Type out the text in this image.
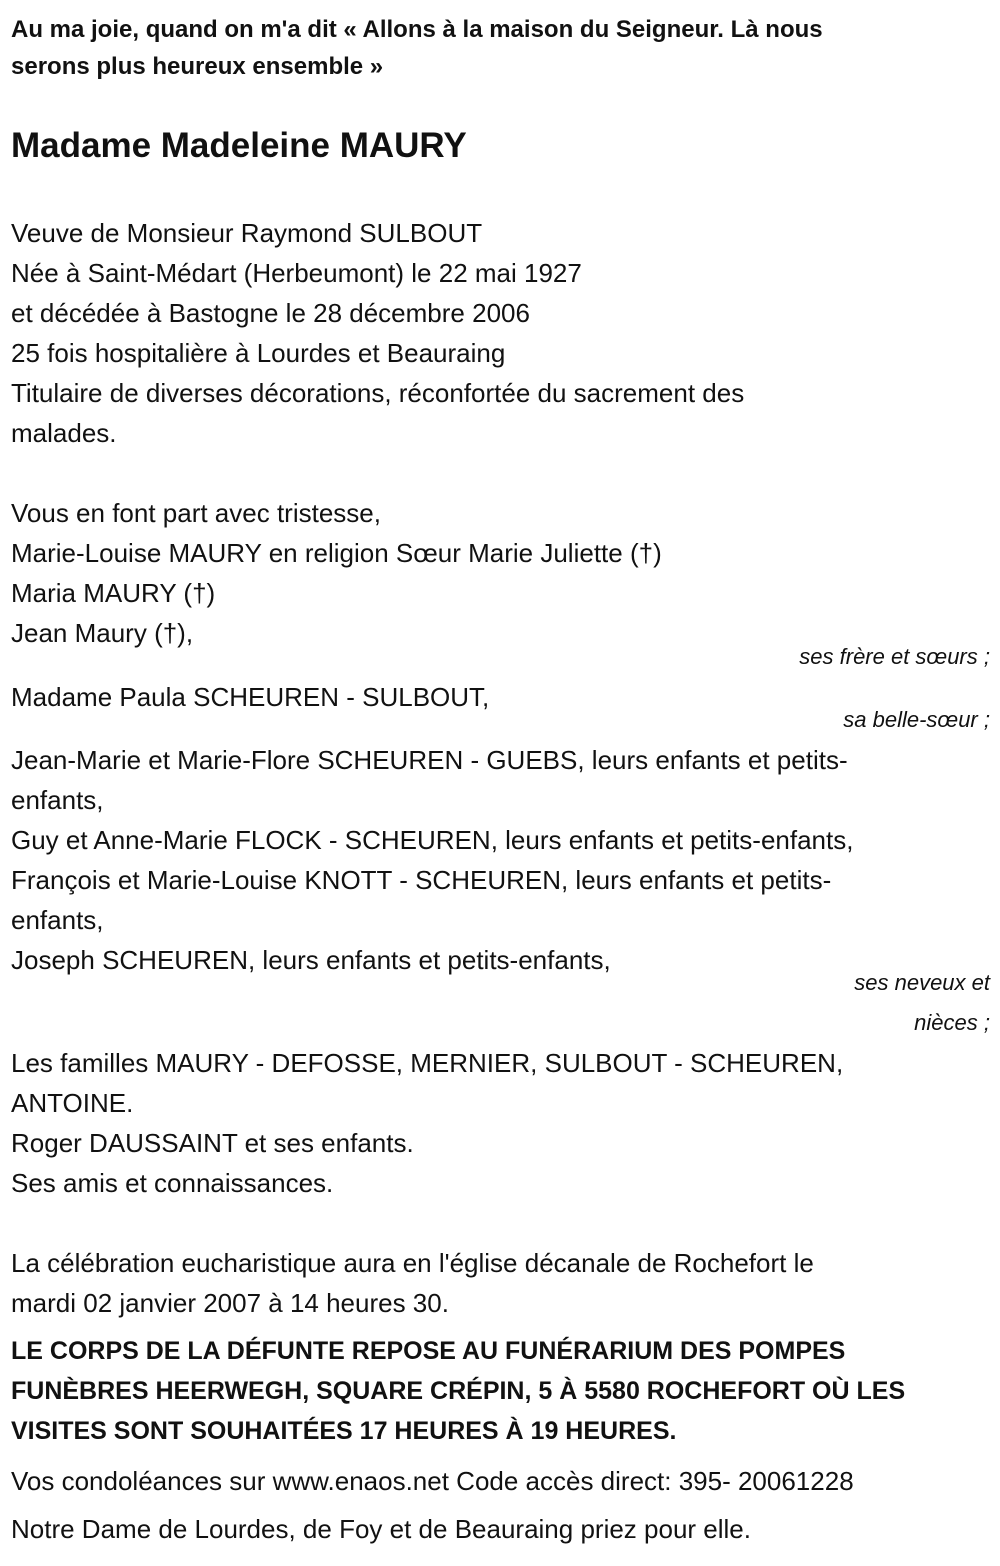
Au ma joie, quand on m'a dit « Allons à la maison du Seigneur. Là nous
serons plus heureux ensemble »
Madame Madeleine MAURY
Veuve de Monsieur Raymond SULBOUT
Née à Saint-Médart (Herbeumont) le 22 mai 1927
et décédée à Bastogne le 28 décembre 2006
25 fois hospitalière à Lourdes et Beauraing
Titulaire de diverses décorations, réconfortée du sacrement des
malades.
Vous en font part avec tristesse,
Marie-Louise MAURY en religion Sœur Marie Juliette (†)
Maria MAURY (†)
Jean Maury (†),
ses frère et sœurs ;
Madame Paula SCHEUREN - SULBOUT,
sa belle-sœur ;
Jean-Marie et Marie-Flore SCHEUREN - GUEBS, leurs enfants et petits-
enfants,
Guy et Anne-Marie FLOCK - SCHEUREN, leurs enfants et petits-enfants,
François et Marie-Louise KNOTT - SCHEUREN, leurs enfants et petits-
enfants,
Joseph SCHEUREN, leurs enfants et petits-enfants,
ses neveux et
nièces ;
Les familles MAURY - DEFOSSE, MERNIER, SULBOUT - SCHEUREN,
ANTOINE.
Roger DAUSSAINT et ses enfants.
Ses amis et connaissances.
La célébration eucharistique aura en l'église décanale de Rochefort le
mardi 02 janvier 2007 à 14 heures 30.
LE CORPS DE LA DÉFUNTE REPOSE AU FUNÉRARIUM DES POMPES
FUNÈBRES HEERWEGH, SQUARE CRÉPIN, 5 À 5580 ROCHEFORT OÙ LES
VISITES SONT SOUHAITÉES 17 HEURES À 19 HEURES.
Vos condoléances sur www.enaos.net Code accès direct: 395- 20061228
Notre Dame de Lourdes, de Foy et de Beauraing priez pour elle.
